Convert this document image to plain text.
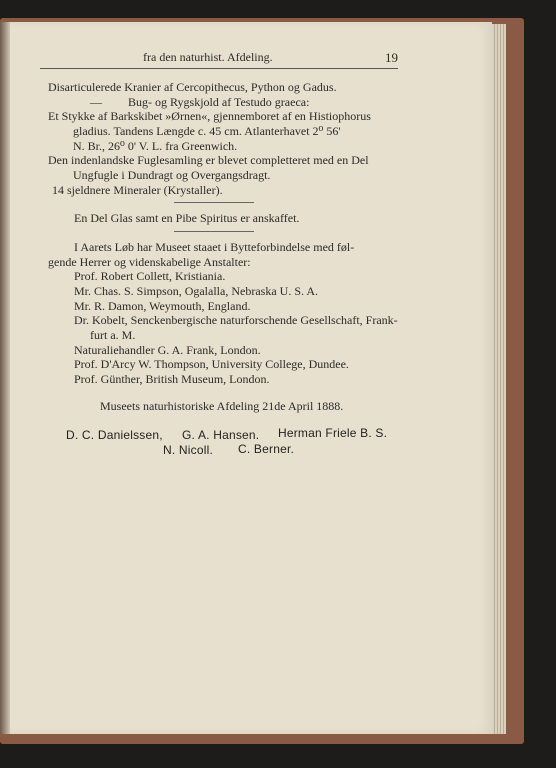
fra den naturhist. Afdeling.	19
Disarticulerede Kranier af Cercopithecus, Python og Gadus.
— Bug- og Rygskjold af Testudo graeca:
Et Stykke af Barkskibet »Ørnen«, gjennemboret af en Histiophorus
gladius. Tandens Længde c. 45 cm. Atlanterhavet 2⁰ 56'
N. Br., 26⁰ 0' V. L. fra Greenwich.
Den indenlandske Fuglesamling er blevet completteret med en Del
Ungfugle i Dundragt og Overgangsdragt.
14 sjeldnere Mineraler (Krystaller).
En Del Glas samt en Pibe Spiritus er anskaffet.
I Aarets Løb har Museet staaet i Bytteforbindelse med føl-
gende Herrer og videnskabelige Anstalter:
Prof. Robert Collett, Kristiania.
Mr. Chas. S. Simpson, Ogalalla, Nebraska U. S. A.
Mr. R. Damon, Weymouth, England.
Dr. Kobelt, Senckenbergische naturforschende Gesellschaft, Frank-
furt a. M.
Naturaliehandler G. A. Frank, London.
Prof. D'Arcy W. Thompson, University College, Dundee.
Prof. Günther, British Museum, London.
Museets naturhistoriske Afdeling 21de April 1888.
D. C. Danielssen, G. A. Hansen. Herman Friele B. S.
N. Nicoll. C. Berner.
